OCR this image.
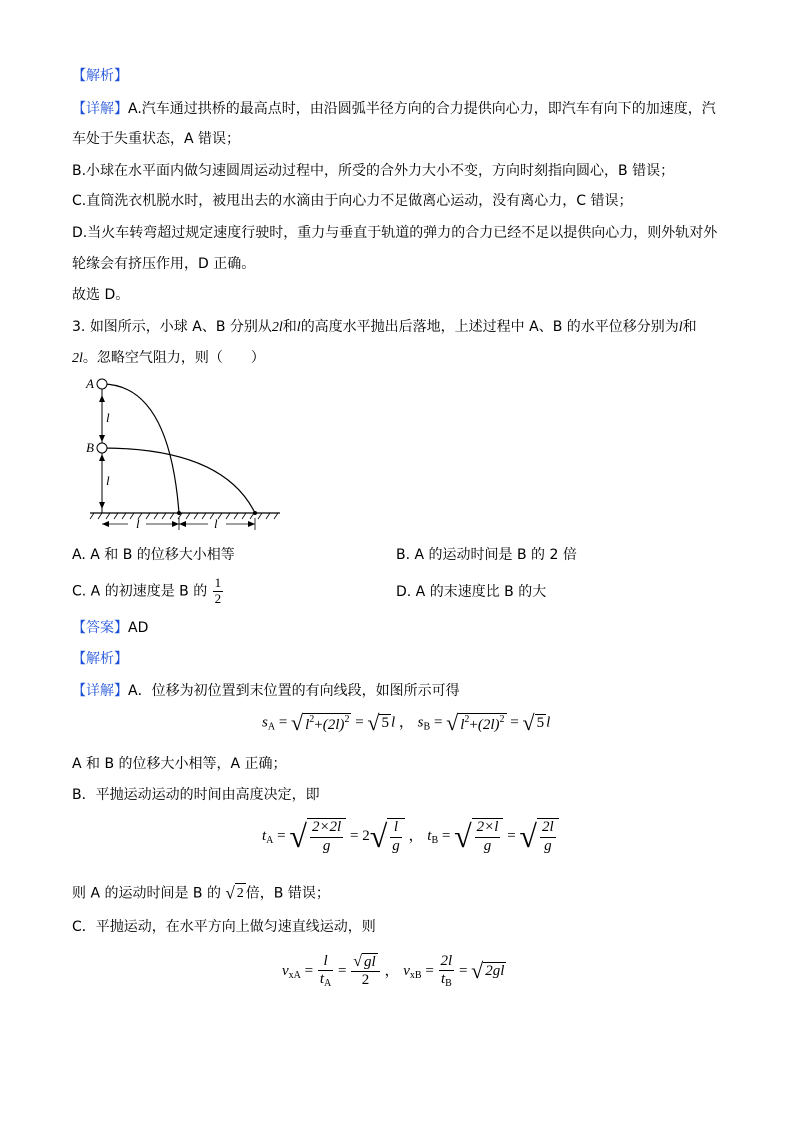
【解析】
【详解】A.汽车通过拱桥的最高点时，由沿圆弧半径方向的合力提供向心力，即汽车有向下的加速度，汽
车处于失重状态，A 错误；
B.小球在水平面内做匀速圆周运动过程中，所受的合外力大小不变，方向时刻指向圆心，B 错误；
C.直筒洗衣机脱水时，被甩出去的水滴由于向心力不足做离心运动，没有离心力，C 错误；
D.当火车转弯超过规定速度行驶时，重力与垂直于轨道的弹力的合力已经不足以提供向心力，则外轨对外
轮缘会有挤压作用，D 正确。
故选 D。
3. 如图所示，小球 A、B 分别从2l和l的高度水平抛出后落地，上述过程中 A、B 的水平位移分别为l和
2l。忽略空气阻力，则（　　）
A
B
l
l
l	l
A. A 和 B 的位移大小相等	B. A 的运动时间是 B 的 2 倍
C. A 的初速度是 B 的 $\frac{1}{2}$	D. A 的末速度比 B 的大
【答案】AD
【解析】
【详解】A．位移为初位置到末位置的有向线段，如图所示可得
$s_A$ = √ $l^2+(2l)^2$ = √ 5 l ， $s_B$ = √ $l^2+(2l)^2$ = √ 5 l
A 和 B 的位移大小相等，A 正确；
B．平抛运动运动的时间由高度决定，即
$t_A$ = √ $\frac{2\times 2l}{g} = 2√ \frac{l}{g}$ ， $t_B$ = √ $\frac{2\times l}{g}$ = √ $\frac{2l}{g}$
则 A 的运动时间是 B 的 √ 2 倍，B 错误；
C．平抛运动，在水平方向上做匀速直线运动，则
$v_{xA} = \frac{l}{t_A} = \frac{√ gl}{2}$ ， $v_{xB} = \frac{2l}{t_B}$ = √ 2gl
